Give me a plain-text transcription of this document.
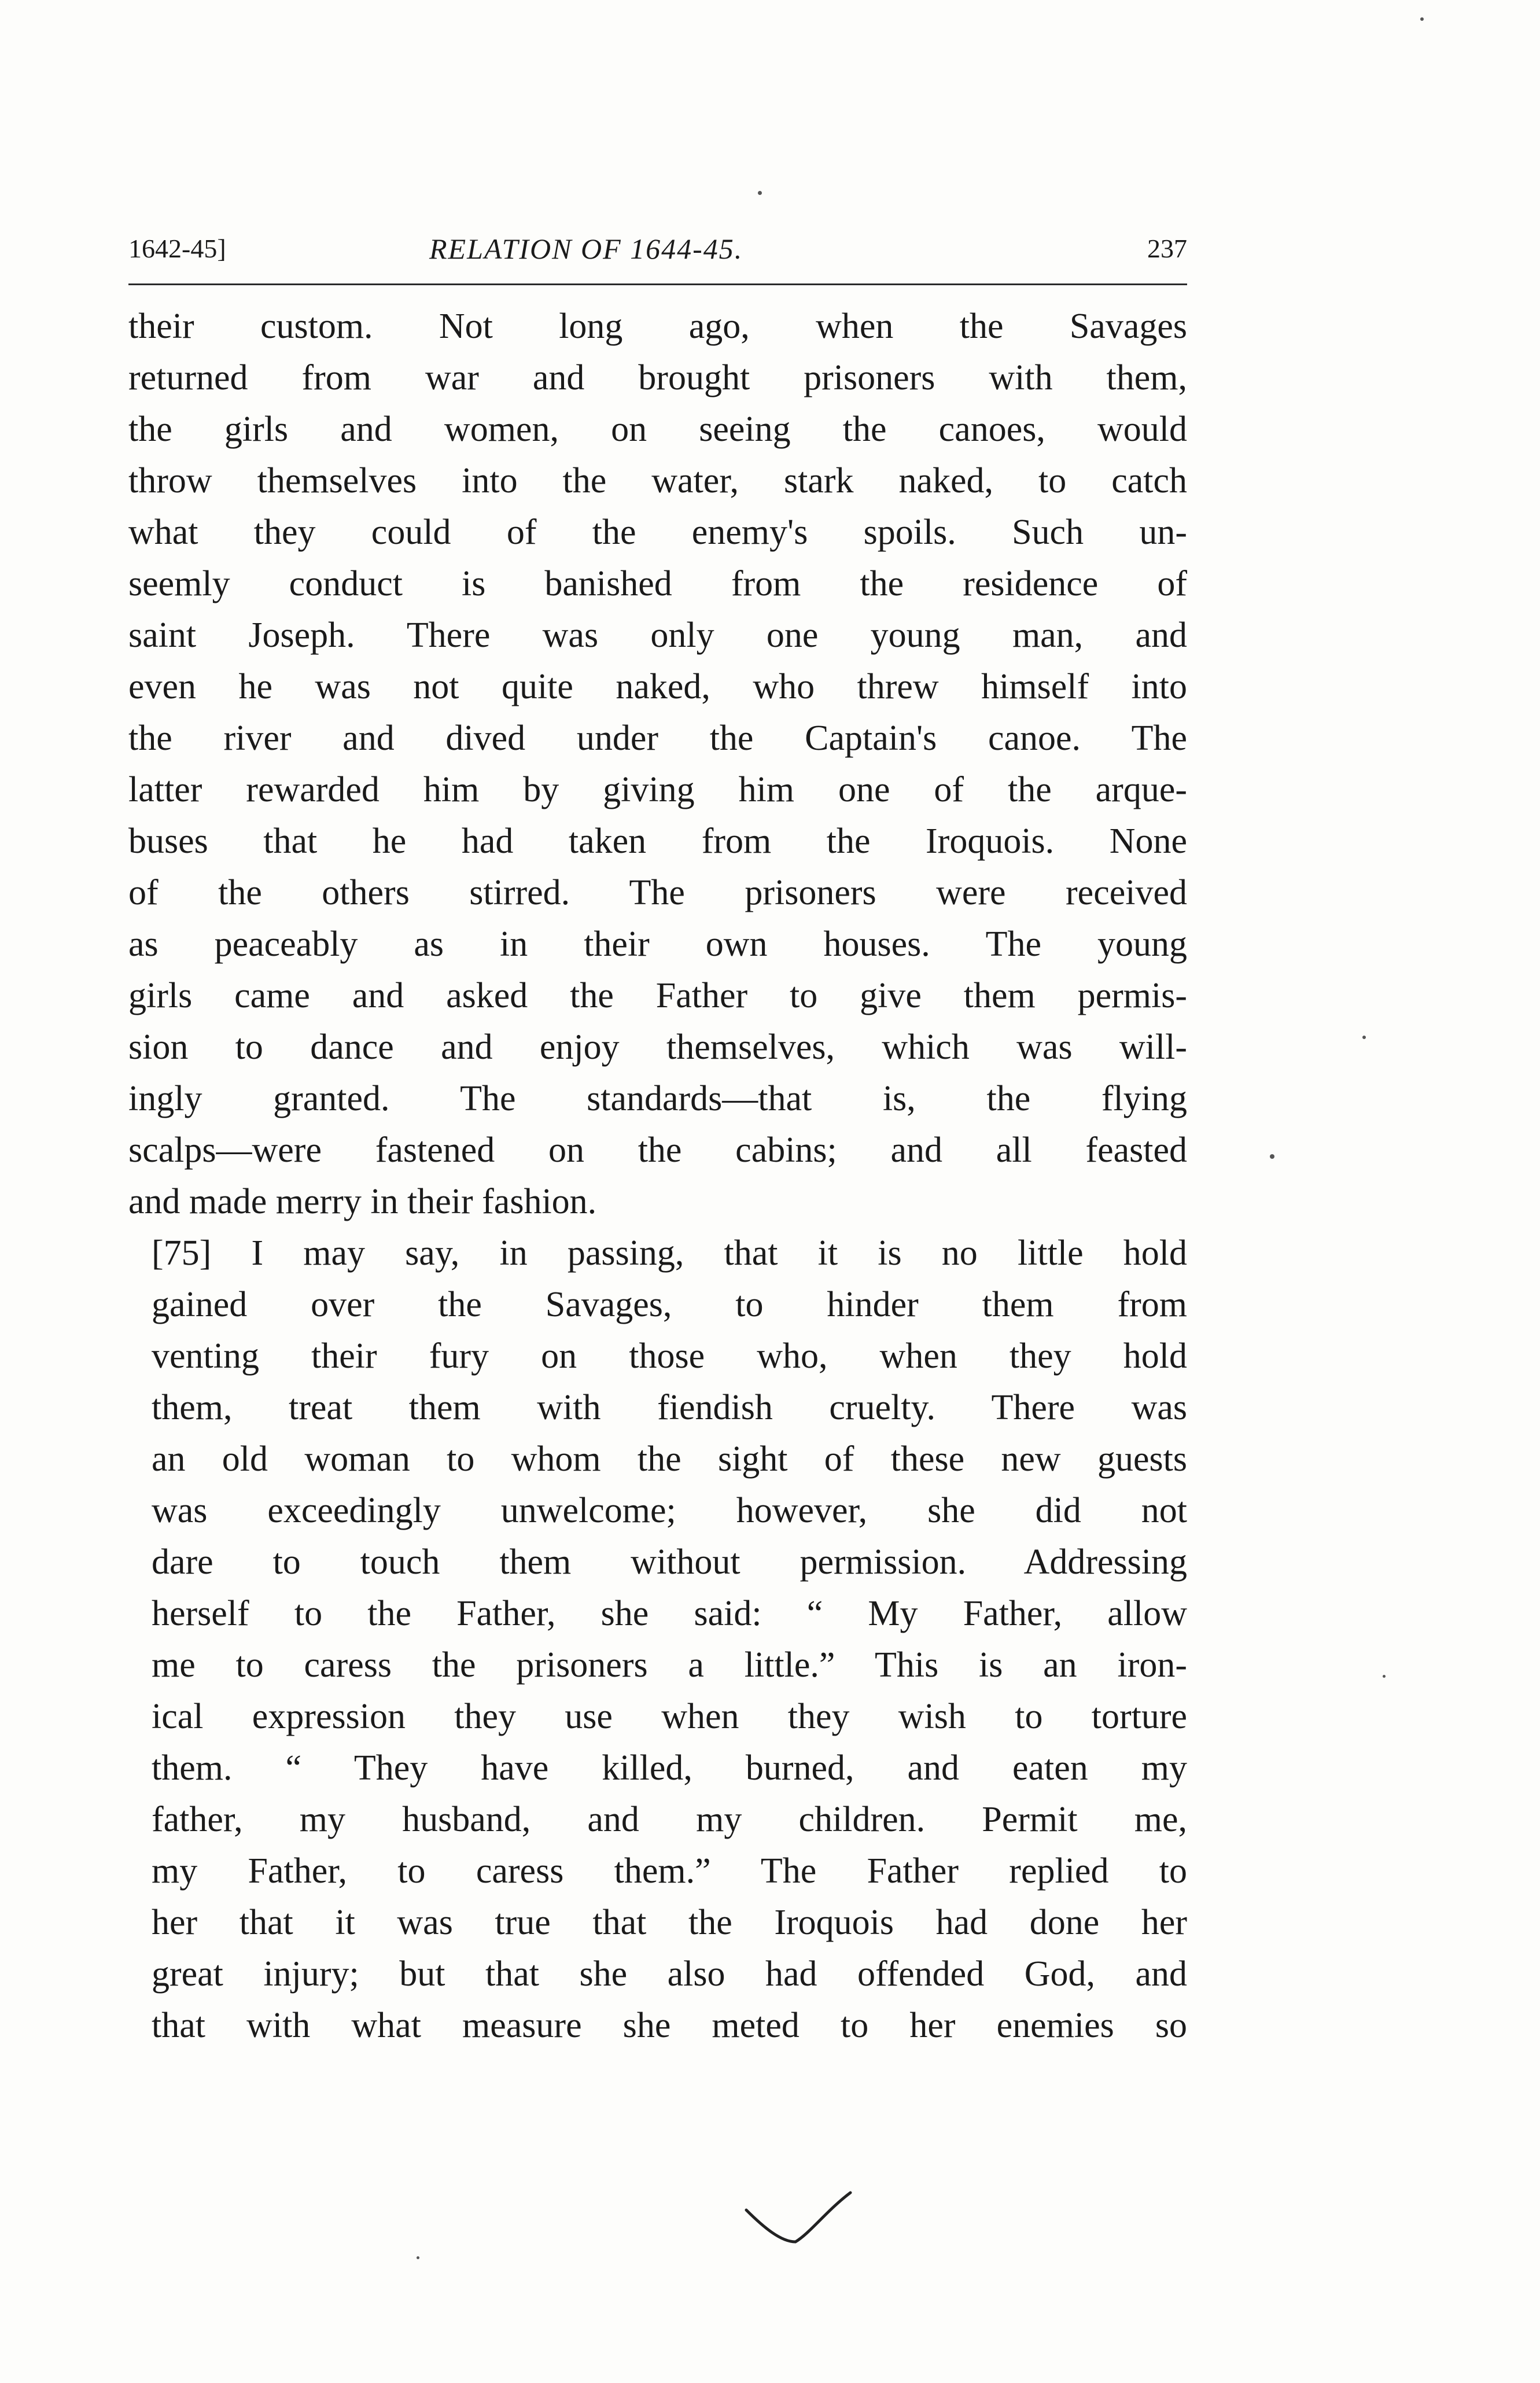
1642-45]	RELATION OF 1644-45.	237

their custom. Not long ago, when the Savages
returned from war and brought prisoners with them,
the girls and women, on seeing the canoes, would
throw themselves into the water, stark naked, to catch
what they could of the enemy's spoils. Such un-
seemly conduct is banished from the residence of
saint Joseph. There was only one young man, and
even he was not quite naked, who threw himself into
the river and dived under the Captain's canoe. The
latter rewarded him by giving him one of the arque-
buses that he had taken from the Iroquois. None
of the others stirred. The prisoners were received
as peaceably as in their own houses. The young
girls came and asked the Father to give them permis-
sion to dance and enjoy themselves, which was will-
ingly granted. The standards—that is, the flying
scalps—were fastened on the cabins; and all feasted
and made merry in their fashion.

[75] I may say, in passing, that it is no little hold
gained over the Savages, to hinder them from
venting their fury on those who, when they hold
them, treat them with fiendish cruelty. There was
an old woman to whom the sight of these new guests
was exceedingly unwelcome; however, she did not
dare to touch them without permission. Addressing
herself to the Father, she said: “ My Father, allow
me to caress the prisoners a little.” This is an iron-
ical expression they use when they wish to torture
them. “ They have killed, burned, and eaten my
father, my husband, and my children. Permit me,
my Father, to caress them.” The Father replied to
her that it was true that the Iroquois had done her
great injury; but that she also had offended God, and
that with what measure she meted to her enemies so
